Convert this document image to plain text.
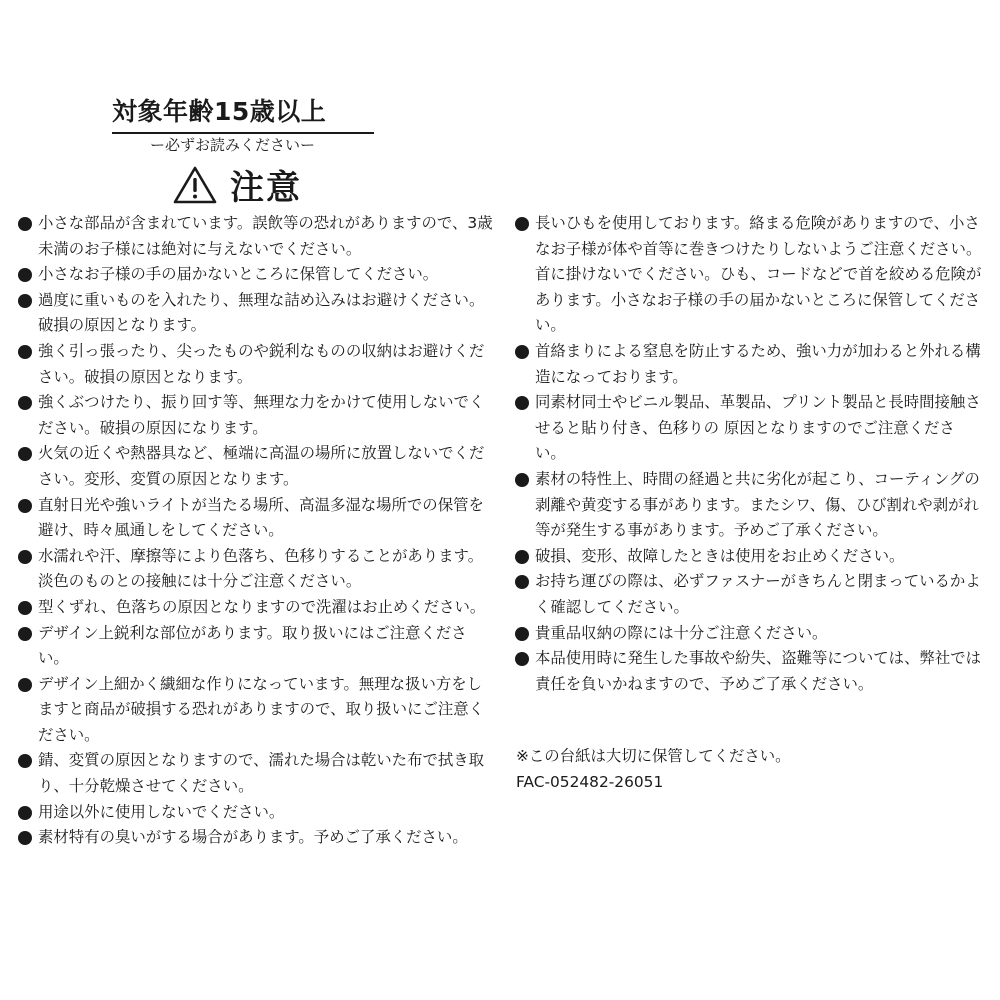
対象年齢15歳以上
ー必ずお読みくださいー
注意
小さな部品が含まれています。誤飲等の恐れがありますので、3歳未満のお子様には絶対に与えないでください。
小さなお子様の手の届かないところに保管してください。
過度に重いものを入れたり、無理な詰め込みはお避けください。破損の原因となります。
強く引っ張ったり、尖ったものや鋭利なものの収納はお避けください。破損の原因となります。
強くぶつけたり、振り回す等、無理な力をかけて使用しないでください。破損の原因になります。
火気の近くや熱器具など、極端に高温の場所に放置しないでください。変形、変質の原因となります。
直射日光や強いライトが当たる場所、高温多湿な場所での保管を避け、時々風通しをしてください。
水濡れや汗、摩擦等により色落ち、色移りすることがあります。淡色のものとの接触には十分ご注意ください。
型くずれ、色落ちの原因となりますので洗濯はお止めください。
デザイン上鋭利な部位があります。取り扱いにはご注意ください。
デザイン上細かく繊細な作りになっています。無理な扱い方をしますと商品が破損する恐れがありますので、取り扱いにご注意ください。
錆、変質の原因となりますので、濡れた場合は乾いた布で拭き取り、十分乾燥させてください。
用途以外に使用しないでください。
素材特有の臭いがする場合があります。予めご了承ください。
長いひもを使用しております。絡まる危険がありますので、小さなお子様が体や首等に巻きつけたりしないようご注意ください。首に掛けないでください。ひも、コードなどで首を絞める危険があります。小さなお子様の手の届かないところに保管してください。
首絡まりによる窒息を防止するため、強い力が加わると外れる構造になっております。
同素材同士やビニル製品、革製品、プリント製品と長時間接触させると貼り付き、色移りの 原因となりますのでご注意ください。
素材の特性上、時間の経過と共に劣化が起こり、コーティングの剥離や黄変する事があります。またシワ、傷、ひび割れや剥がれ等が発生する事があります。予めご了承ください。
破損、変形、故障したときは使用をお止めください。
お持ち運びの際は、必ずファスナーがきちんと閉まっているかよく確認してください。
貴重品収納の際には十分ご注意ください。
本品使用時に発生した事故や紛失、盗難等については、弊社では責任を負いかねますので、予めご了承ください。
※この台紙は大切に保管してください。
FAC-052482-26051
